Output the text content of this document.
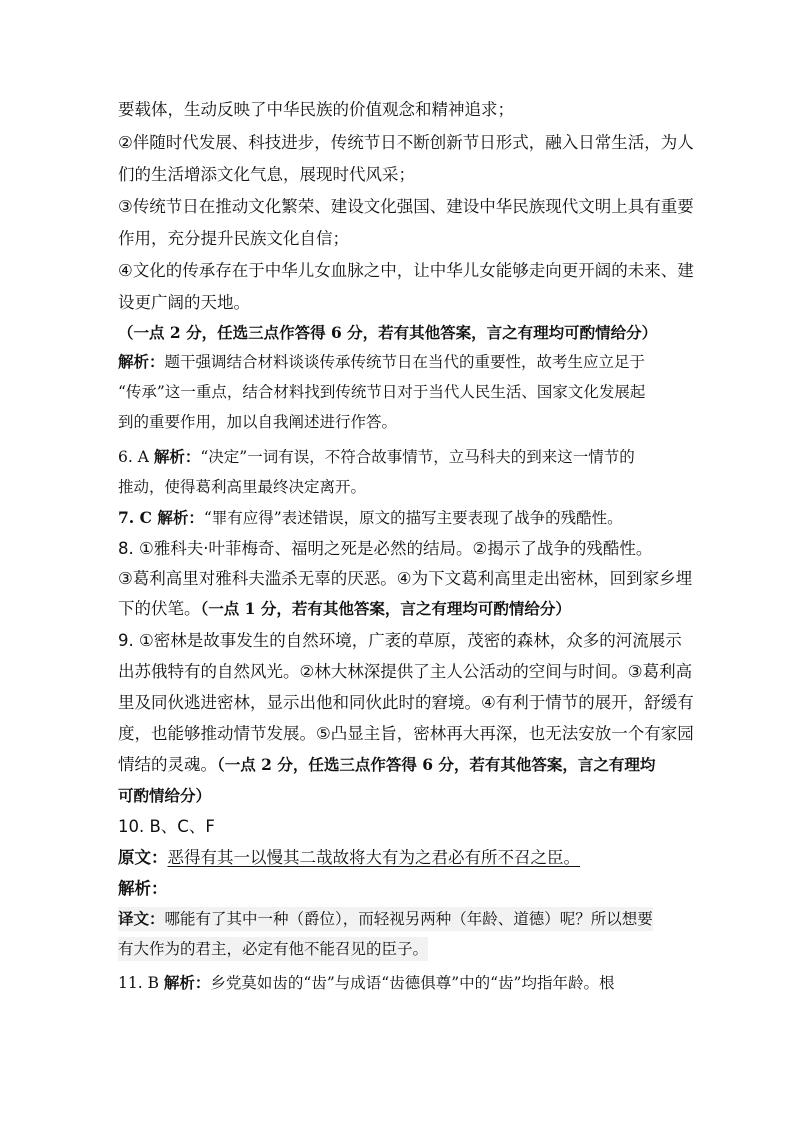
要载体，生动反映了中华民族的价值观念和精神追求；
②伴随时代发展、科技进步，传统节日不断创新节日形式，融入日常生活，为人
们的生活增添文化气息，展现时代风采；
③传统节日在推动文化繁荣、建设文化强国、建设中华民族现代文明上具有重要
作用，充分提升民族文化自信；
④文化的传承存在于中华儿女血脉之中，让中华儿女能够走向更开阔的未来、建
设更广阔的天地。
（一点 2 分，任选三点作答得 6 分，若有其他答案，言之有理均可酌情给分）
解析：题干强调结合材料谈谈传承传统节日在当代的重要性，故考生应立足于
“传承”这一重点，结合材料找到传统节日对于当代人民生活、国家文化发展起
到的重要作用，加以自我阐述进行作答。
6. A 解析：“决定”一词有误，不符合故事情节，立马科夫的到来这一情节的
推动，使得葛利高里最终决定离开。
7. C 解析：“罪有应得”表述错误，原文的描写主要表现了战争的残酷性。
8. ①雅科夫·叶菲梅奇、福明之死是必然的结局。②揭示了战争的残酷性。
③葛利高里对雅科夫滥杀无辜的厌恶。④为下文葛利高里走出密林，回到家乡埋
下的伏笔。（一点 1 分，若有其他答案，言之有理均可酌情给分）
9. ①密林是故事发生的自然环境，广袤的草原，茂密的森林，众多的河流展示
出苏俄特有的自然风光。②林大林深提供了主人公活动的空间与时间。③葛利高
里及同伙逃进密林，显示出他和同伙此时的窘境。④有利于情节的展开，舒缓有
度，也能够推动情节发展。⑤凸显主旨，密林再大再深，也无法安放一个有家园
情结的灵魂。（一点 2 分，任选三点作答得 6 分，若有其他答案，言之有理均
可酌情给分）
10. B、C、F
原文：恶得有其一以慢其二哉故将大有为之君必有所不召之臣。
解析：
译文：哪能有了其中一种（爵位），而轻视另两种（年龄、道德）呢？所以想要
有大作为的君主，必定有他不能召见的臣子。
11. B 解析：乡党莫如齿的“齿”与成语“齿德俱尊”中的“齿”均指年龄。根
